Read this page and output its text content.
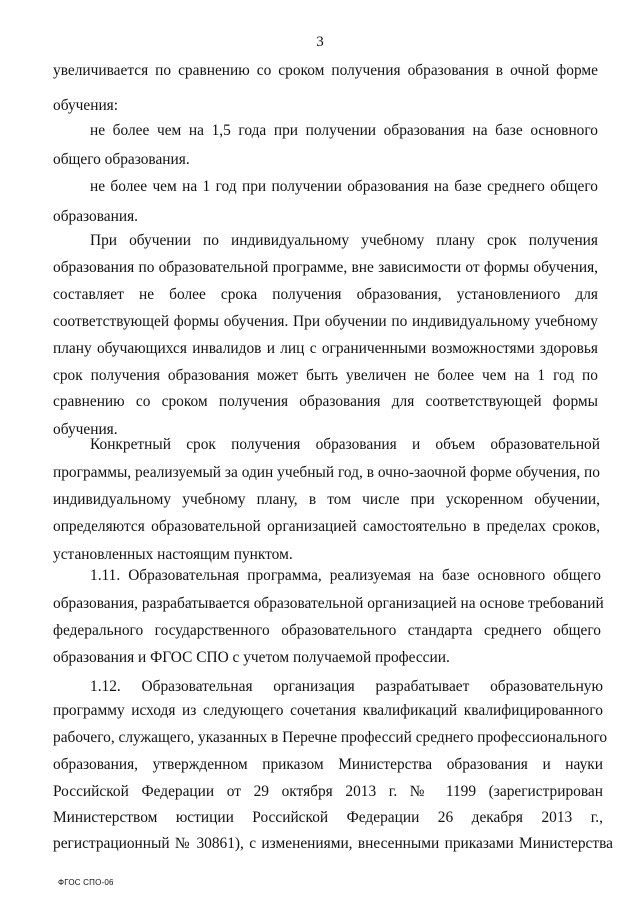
3
увеличивается по сравнению со сроком получения образования в очной форме
обучения:
не более чем на 1,5 года при получении образования на базе основного
общего образования.
не более чем на 1 год при получении образования на базе среднего общего
образования.
При обучении по индивидуальному учебному плану срок получения
образования по образовательной программе, вне зависимости от формы обучения,
составляет не более срока получения образования, установлениого для
соответствующей формы обучения. При обучении по индивидуальному учебному
плану обучающихся инвалидов и лиц с ограниченными возможностями здоровья
срок получения образования может быть увеличен не более чем на 1 год по
сравнению со сроком получения образования для соответствующей формы
обучения.
Конкретный срок получения образования и объем образовательной
программы, реализуемый за один учебный год, в очно-заочной форме обучения, по
индивидуальному учебному плану, в том числе при ускоренном обучении,
определяются образовательной организацией самостоятельно в пределах сроков,
установленных настоящим пунктом.
1.11. Образовательная программа, реализуемая на базе основного общего
образования, разрабатывается образовательной организацией на основе требований
федерального государственного образовательного стандарта среднего общего
образования и ФГОС СПО с учетом получаемой профессии.
1.12. Образовательная организация разрабатывает образовательную
программу исходя из следующего сочетания квалификаций квалифицированного
рабочего, служащего, указанных в Перечне профессий среднего профессионального
образования, утвержденном приказом Министерства образования и науки
Российской Федерации от 29 октября 2013 г. № 1199 (зарегистрирован
Министерством юстиции Российской Федерации 26 декабря 2013 г.,
регистрационный № 30861), с изменениями, внесенными приказами Министерства
ФГОС СПО-06
